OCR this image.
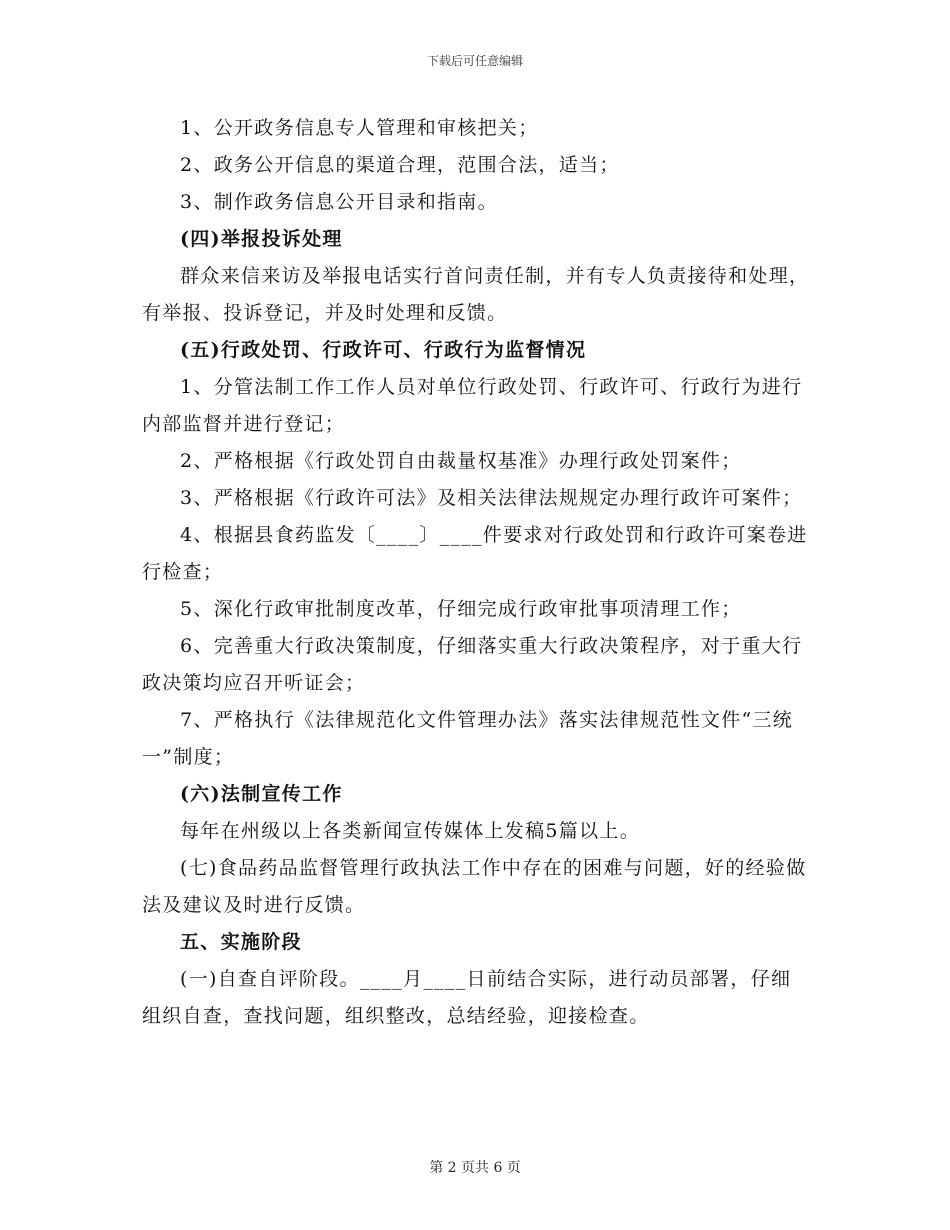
下载后可任意编辑

1、公开政务信息专人管理和审核把关；

2、政务公开信息的渠道合理，范围合法，适当；

3、制作政务信息公开目录和指南。

(四)举报投诉处理

群众来信来访及举报电话实行首问责任制，并有专人负责接待和处理，有举报、投诉登记，并及时处理和反馈。

(五)行政处罚、行政许可、行政行为监督情况

1、分管法制工作工作人员对单位行政处罚、行政许可、行政行为进行内部监督并进行登记；

2、严格根据《行政处罚自由裁量权基准》办理行政处罚案件；

3、严格根据《行政许可法》及相关法律法规规定办理行政许可案件；

4、根据县食药监发〔____〕____件要求对行政处罚和行政许可案卷进行检查；

5、深化行政审批制度改革，仔细完成行政审批事项清理工作；

6、完善重大行政决策制度，仔细落实重大行政决策程序，对于重大行政决策均应召开听证会；

7、严格执行《法律规范化文件管理办法》落实法律规范性文件“三统一”制度；

(六)法制宣传工作

每年在州级以上各类新闻宣传媒体上发稿5篇以上。

(七)食品药品监督管理行政执法工作中存在的困难与问题，好的经验做法及建议及时进行反馈。

五、实施阶段

(一)自查自评阶段。____月____日前结合实际，进行动员部署，仔细组织自查，查找问题，组织整改，总结经验，迎接检查。

第 2 页共 6 页
